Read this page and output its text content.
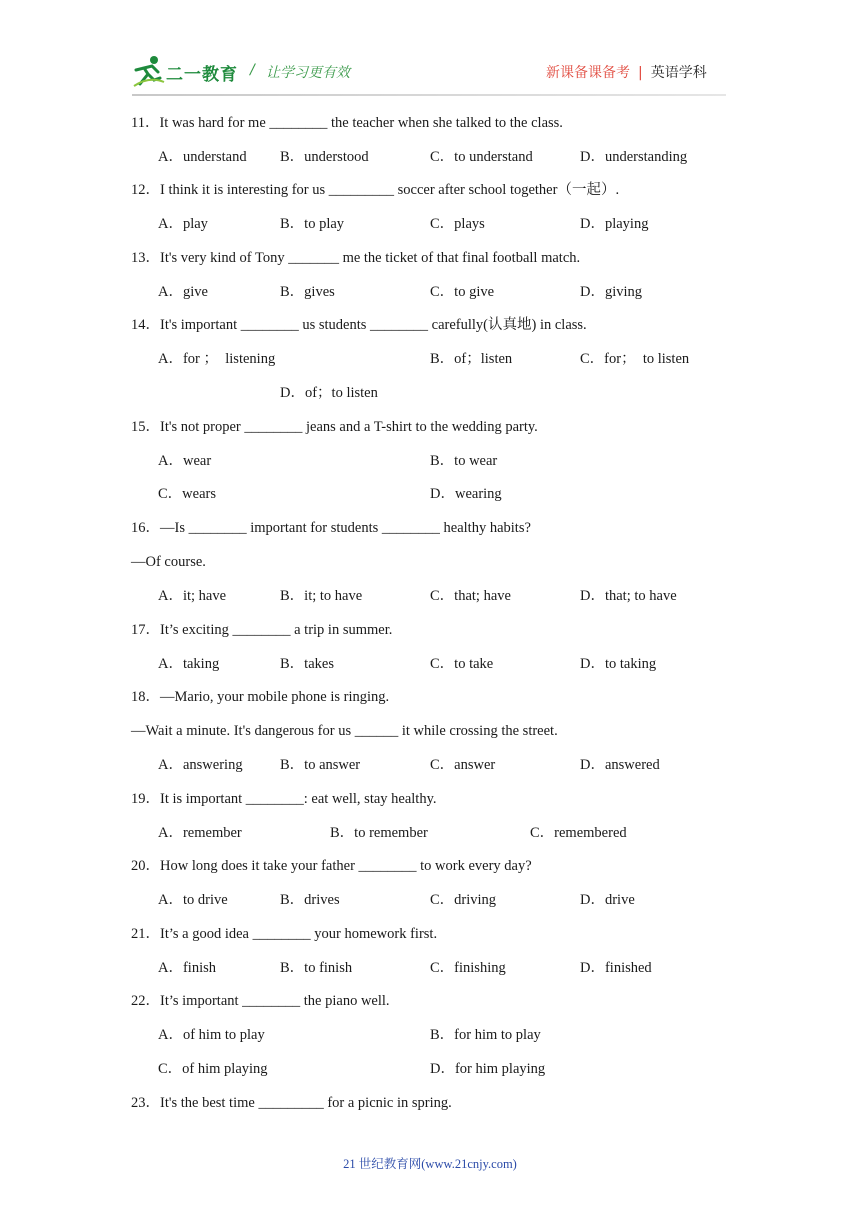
二一教育 / 让学习更有效	新课备课备考 | 英语学科
11．It was hard for me ________ the teacher when she talked to the class.
A．understand B．understood	C．to understand	D．understanding
12．I think it is interesting for us _________ soccer after school together（一起）.
A．play	B．to play	C．plays	D．playing
13．It's very kind of Tony _______ me the ticket of that final football match.
A．give	B．gives	C．to give	D．giving
14．It's important ________ us students ________ carefully(认真地) in class.
A．for ；  listening	B．of；listen	C．for；  to listen
D．of；to listen
15．It's not proper ________ jeans and a T-shirt to the wedding party.
A．wear	B．to wear
C．wears	D．wearing
16．—Is ________ important for students ________ healthy habits?
—Of course.
A．it; have	B．it; to have	C．that; have	D．that; to have
17．It’s exciting ________ a trip in summer.
A．taking	B．takes	C．to take	D．to taking
18．—Mario, your mobile phone is ringing.
—Wait a minute. It's dangerous for us ______ it while crossing the street.
A．answering	B．to answer	C．answer	D．answered
19．It is important ________: eat well, stay healthy.
A．remember	B．to remember	C．remembered
20．How long does it take your father ________ to work every day?
A．to drive	B．drives	C．driving	D．drive
21．It’s a good idea ________ your homework first.
A．finish	B．to finish	C．finishing	D．finished
22．It’s important ________ the piano well.
A．of him to play	B．for him to play
C．of him playing	D．for him playing
23．It's the best time _________ for a picnic in spring.
21 世纪教育网(www.21cnjy.com)
